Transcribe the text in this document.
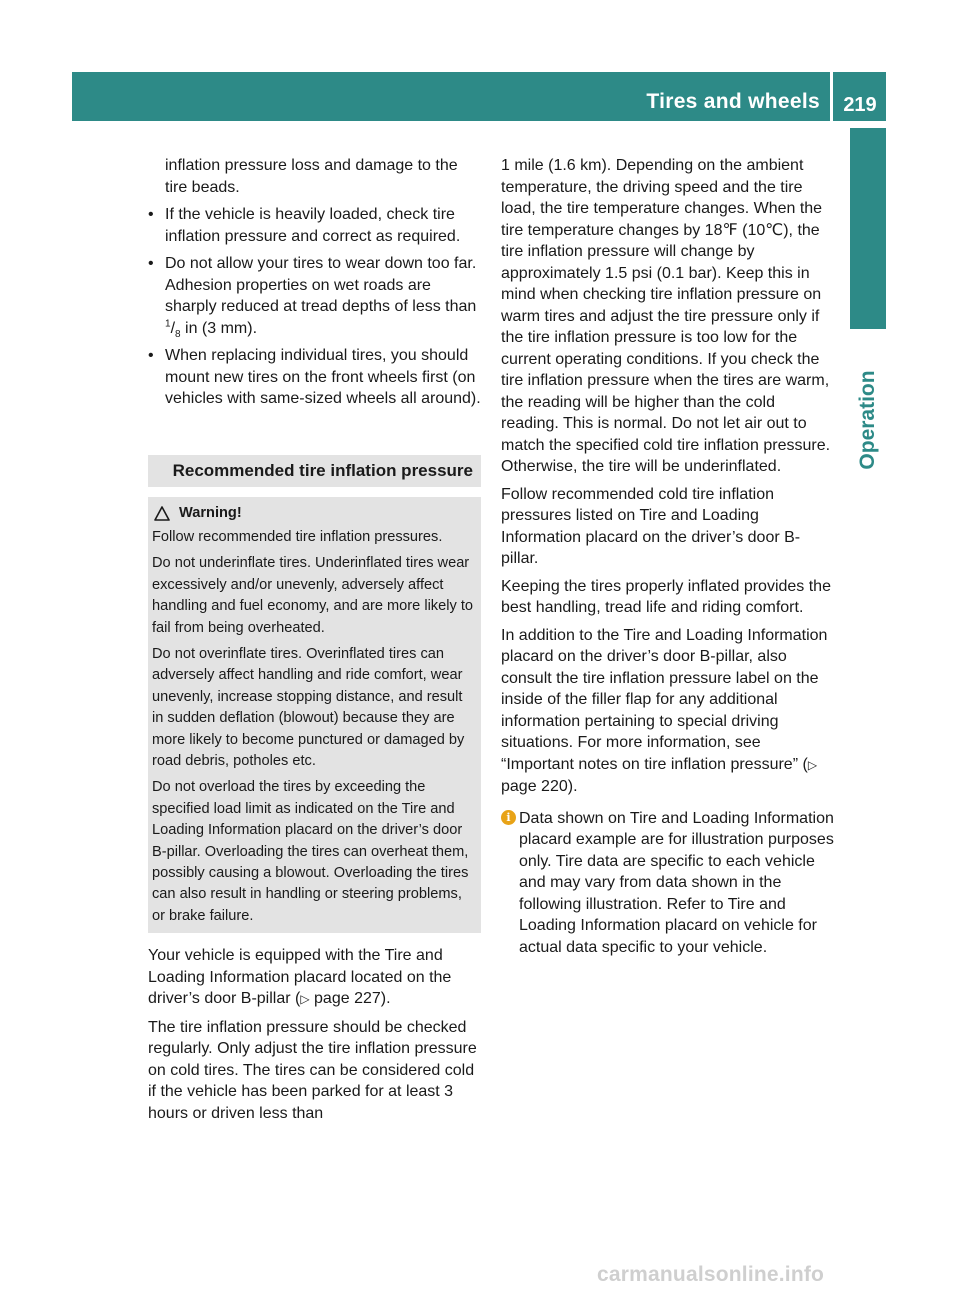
Tires and wheels	219
Operation

inflation pressure loss and damage to the tire beads.

• If the vehicle is heavily loaded, check tire inflation pressure and correct as required.
• Do not allow your tires to wear down too far. Adhesion properties on wet roads are sharply reduced at tread depths of less than $^1/_8$ in (3 mm).
• When replacing individual tires, you should mount new tires on the front wheels first (on vehicles with same-sized wheels all around).
Recommended tire inflation pressure
Warning!

Follow recommended tire inflation pressures.

Do not underinflate tires. Underinflated tires wear excessively and/or unevenly, adversely affect handling and fuel economy, and are more likely to fail from being overheated.

Do not overinflate tires. Overinflated tires can adversely affect handling and ride comfort, wear unevenly, increase stopping distance, and result in sudden deflation (blowout) because they are more likely to become punctured or damaged by road debris, potholes etc.

Do not overload the tires by exceeding the specified load limit as indicated on the Tire and Loading Information placard on the driver’s door B-pillar. Overloading the tires can overheat them, possibly causing a blowout. Overloading the tires can also result in handling or steering problems, or brake failure.

Your vehicle is equipped with the Tire and Loading Information placard located on the driver’s door B-pillar (▷ page 227).

The tire inflation pressure should be checked regularly. Only adjust the tire inflation pressure on cold tires. The tires can be considered cold if the vehicle has been parked for at least 3 hours or driven less than

1 mile (1.6 km). Depending on the ambient temperature, the driving speed and the tire load, the tire temperature changes. When the tire temperature changes by 18℉ (10℃), the tire inflation pressure will change by approximately 1.5 psi (0.1 bar). Keep this in mind when checking tire inflation pressure on warm tires and adjust the tire pressure only if the tire inflation pressure is too low for the current operating conditions. If you check the tire inflation pressure when the tires are warm, the reading will be higher than the cold reading. This is normal. Do not let air out to match the specified cold tire inflation pressure. Otherwise, the tire will be underinflated.

Follow recommended cold tire inflation pressures listed on Tire and Loading Information placard on the driver’s door B-pillar.

Keeping the tires properly inflated provides the best handling, tread life and riding comfort.

In addition to the Tire and Loading Information placard on the driver’s door B-pillar, also consult the tire inflation pressure label on the inside of the filler flap for any additional information pertaining to special driving situations. For more information, see “Important notes on tire inflation pressure” (▷ page 220).

i Data shown on Tire and Loading Information placard example are for illustration purposes only. Tire data are specific to each vehicle and may vary from data shown in the following illustration. Refer to Tire and Loading Information placard on vehicle for actual data specific to your vehicle.
carmanualsonline.info
